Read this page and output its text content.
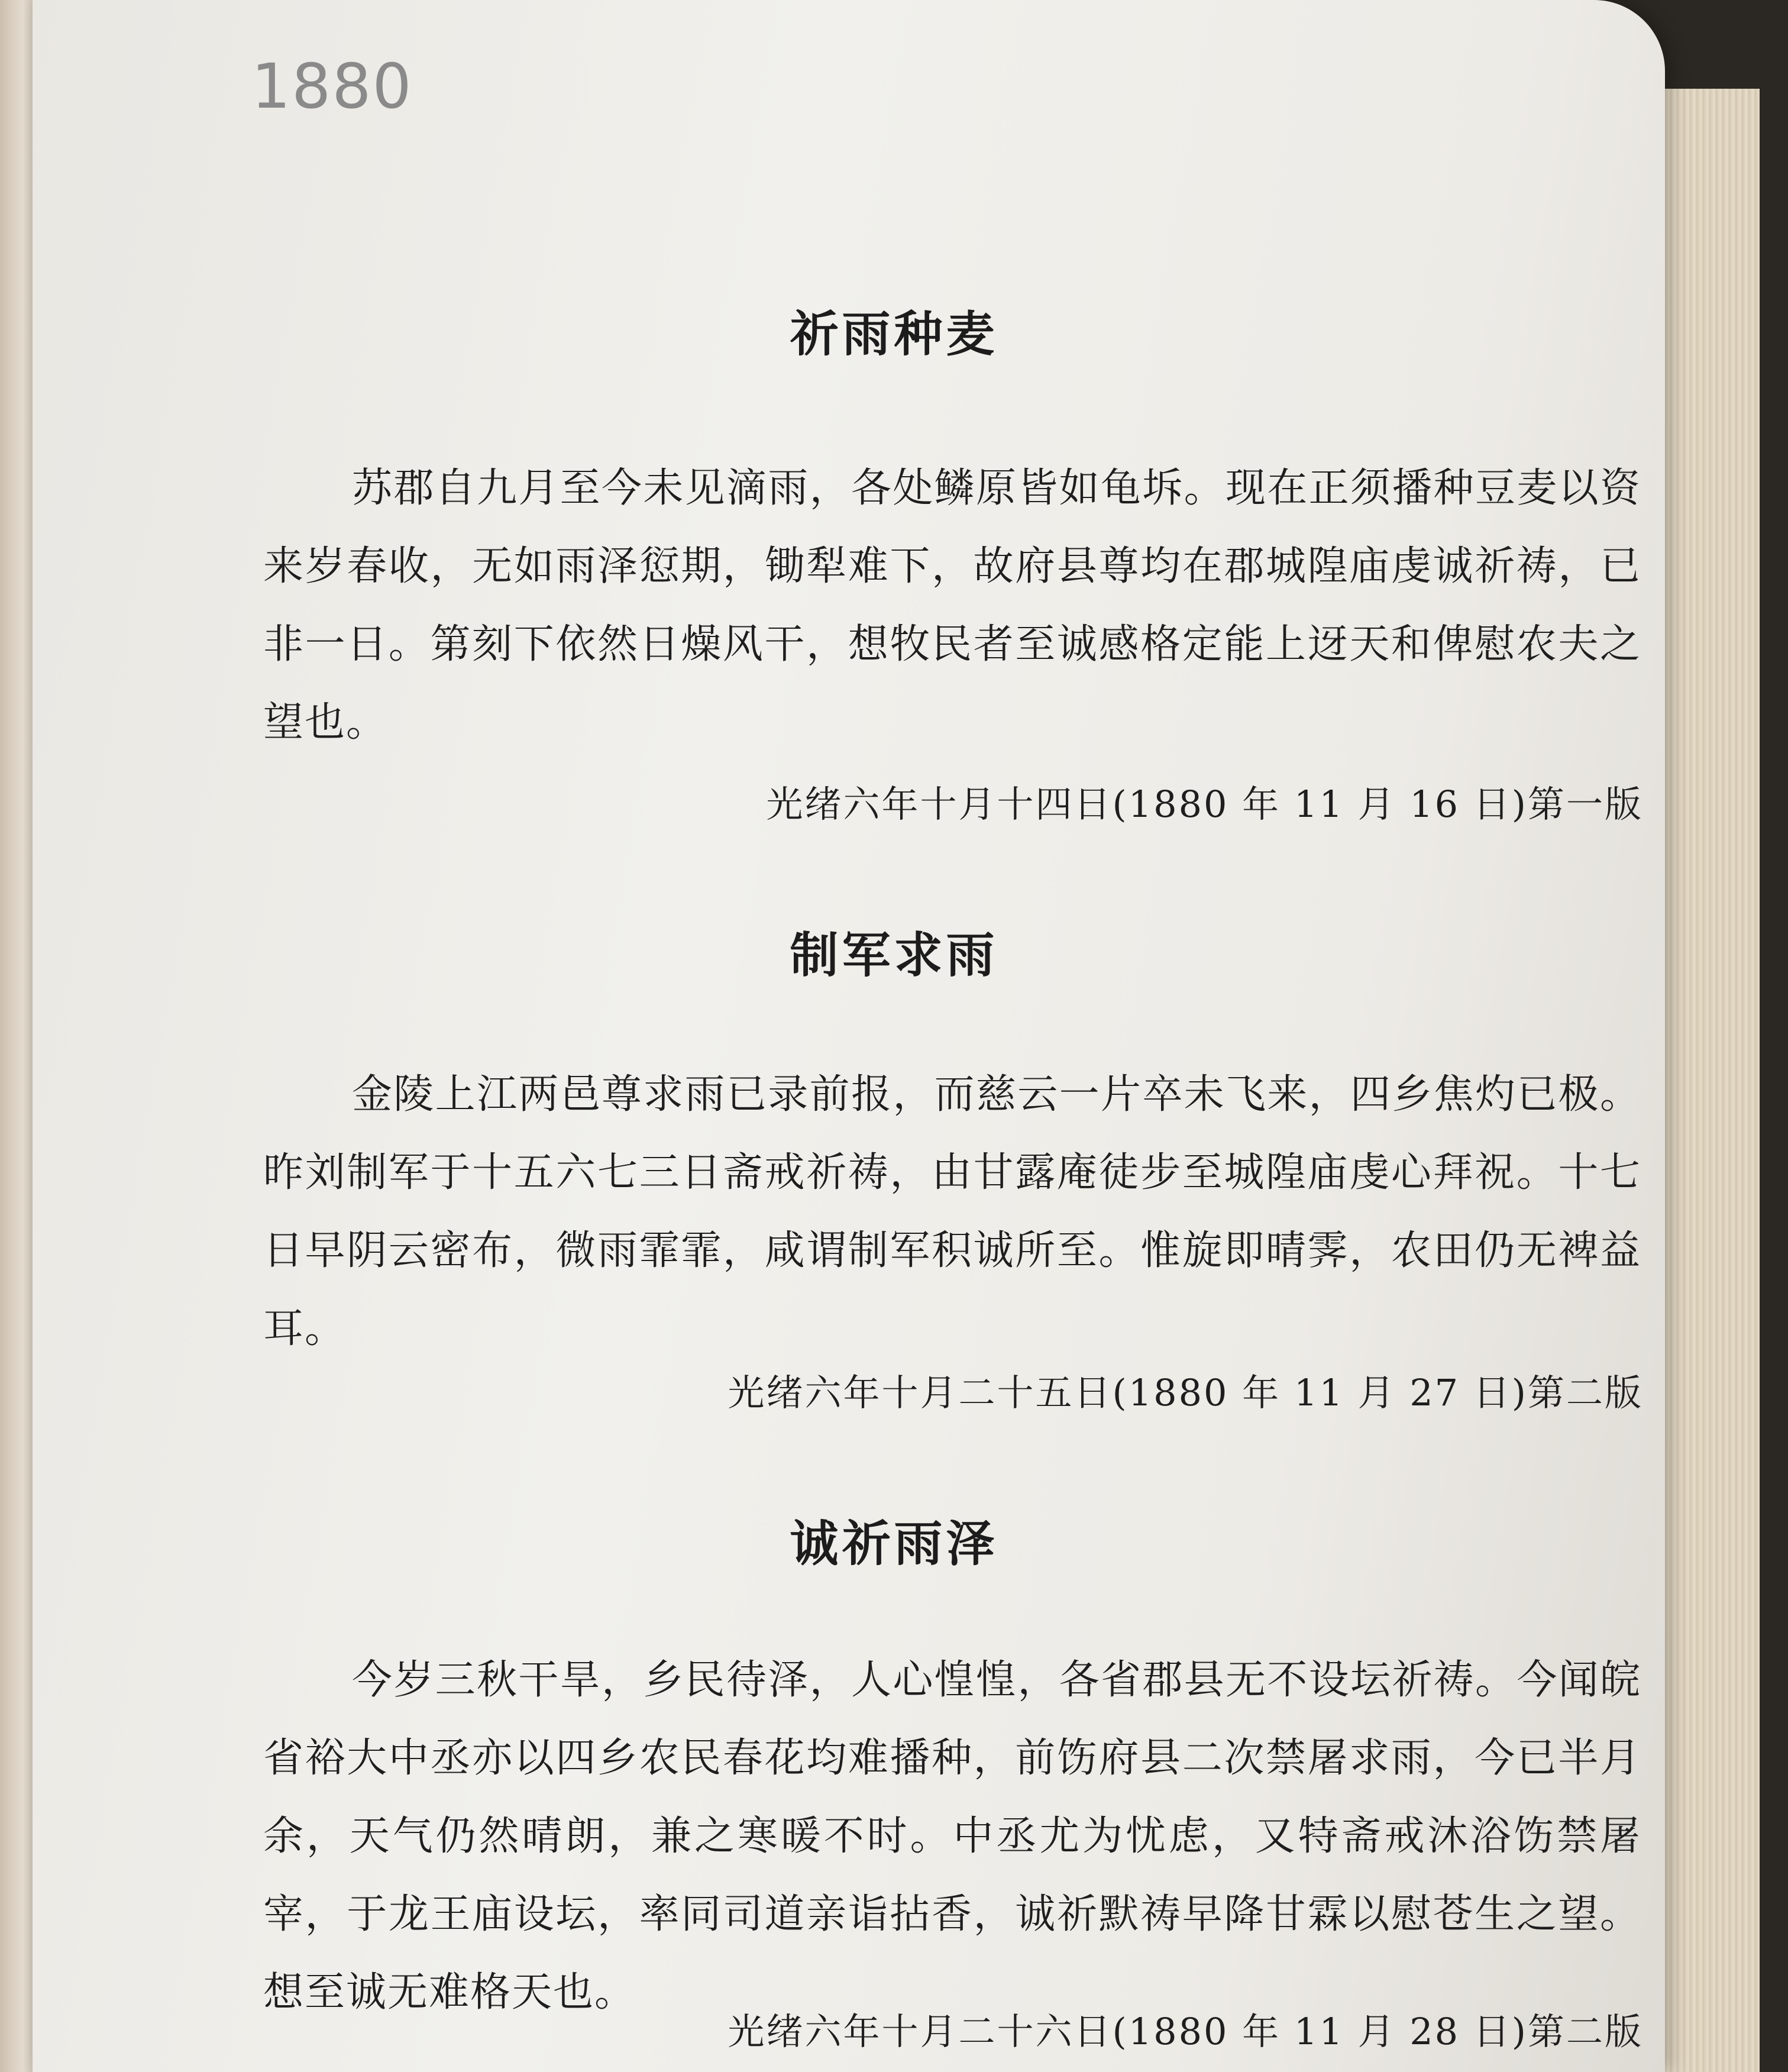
1880
祈雨种麦

苏郡自九月至今未见滴雨，各处鳞原皆如龟坼。现在正须播种豆麦以资来岁春收，无如雨泽愆期，锄犁难下，故府县尊均在郡城隍庙虔诚祈祷，已非一日。第刻下依然日燥风干，想牧民者至诚感格定能上迓天和俾慰农夫之望也。

光绪六年十月十四日(1880 年 11 月 16 日)第一版

制军求雨

金陵上江两邑尊求雨已录前报，而慈云一片卒未飞来，四乡焦灼已极。昨刘制军于十五六七三日斋戒祈祷，由甘露庵徒步至城隍庙虔心拜祝。十七日早阴云密布，微雨霏霏，咸谓制军积诚所至。惟旋即晴霁，农田仍无裨益耳。

光绪六年十月二十五日(1880 年 11 月 27 日)第二版

诚祈雨泽

今岁三秋干旱，乡民待泽，人心惶惶，各省郡县无不设坛祈祷。今闻皖省裕大中丞亦以四乡农民春花均难播种，前饬府县二次禁屠求雨，今已半月余，天气仍然晴朗，兼之寒暖不时。中丞尤为忧虑，又特斋戒沐浴饬禁屠宰，于龙王庙设坛，率同司道亲诣拈香，诚祈默祷早降甘霖以慰苍生之望。想至诚无难格天也。

光绪六年十月二十六日(1880 年 11 月 28 日)第二版
